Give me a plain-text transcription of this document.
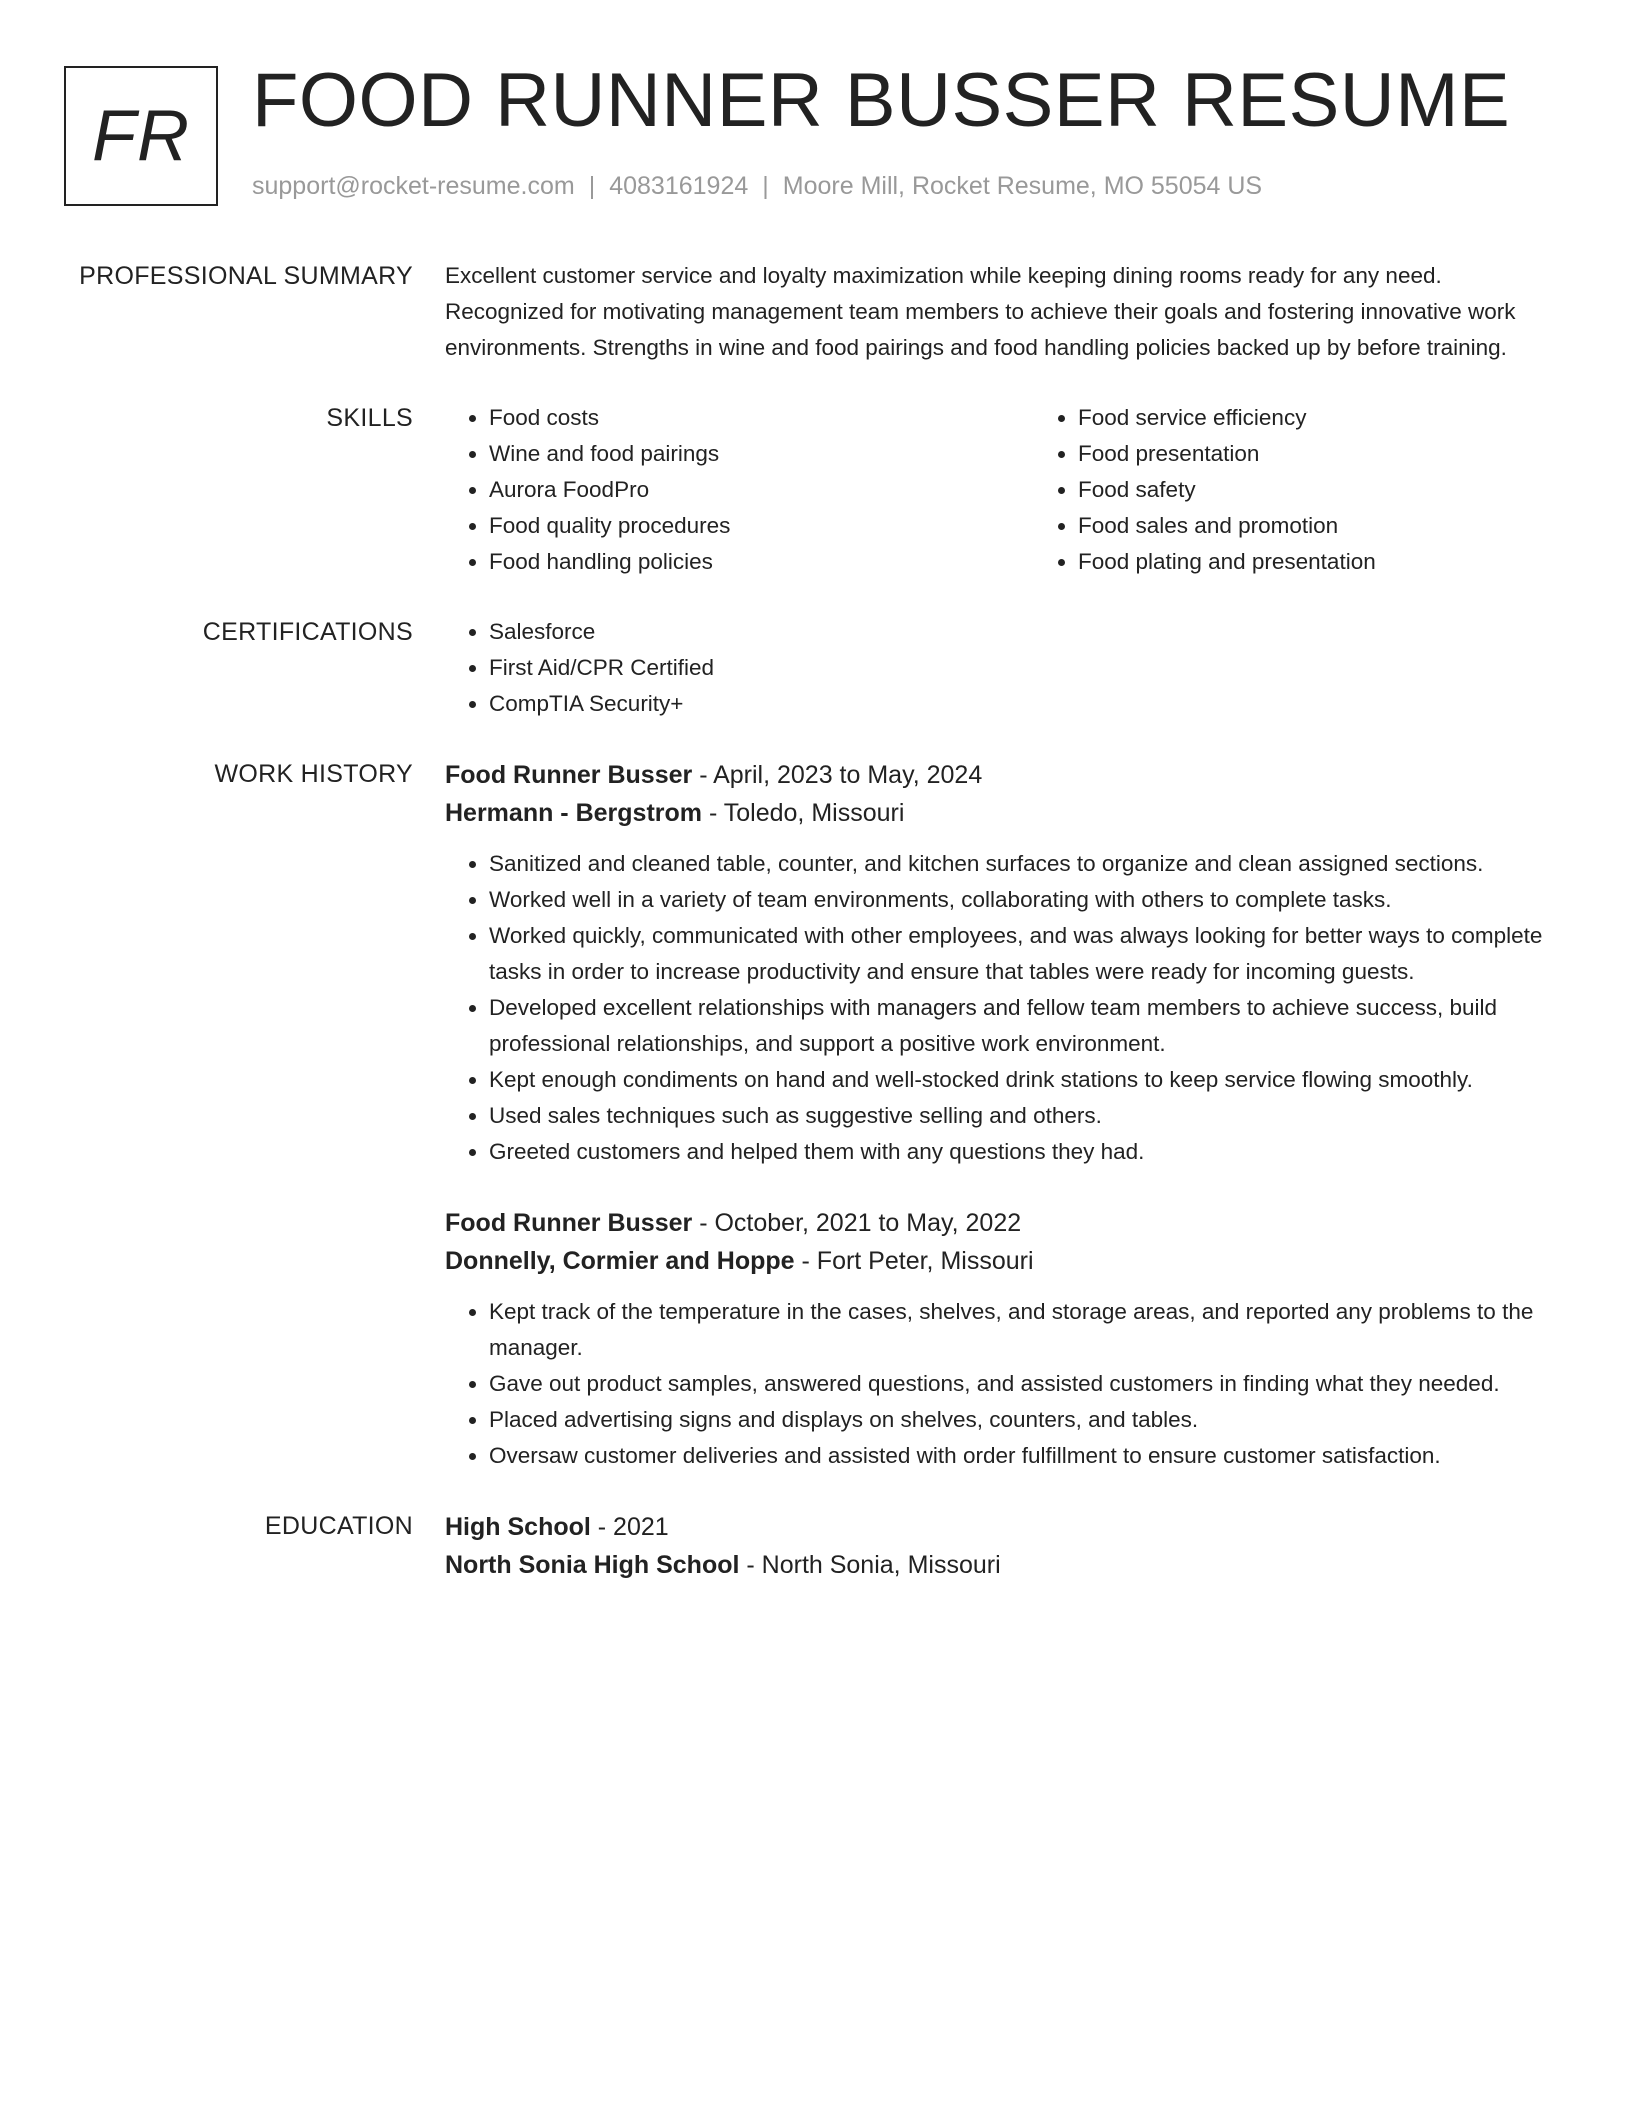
FR FOOD RUNNER BUSSER RESUME
support@rocket-resume.com | 4083161924 | Moore Mill, Rocket Resume, MO 55054 US
PROFESSIONAL SUMMARY Excellent customer service and loyalty maximization while keeping dining rooms ready for any need. Recognized for motivating management team members to achieve their goals and fostering innovative work environments. Strengths in wine and food pairings and food handling policies backed up by before training.

SKILLS	• Food costs
• Wine and food pairings
• Aurora FoodPro
• Food quality procedures
• Food handling policies
• Food service efficiency
• Food presentation
• Food safety
• Food sales and promotion
• Food plating and presentation
CERTIFICATIONS	• Salesforce
• First Aid/CPR Certified
• CompTIA Security+
WORK HISTORY Food Runner Busser - April, 2023 to May, 2024
Hermann - Bergstrom - Toledo, Missouri
• Sanitized and cleaned table, counter, and kitchen surfaces to organize and clean assigned sections.
• Worked well in a variety of team environments, collaborating with others to complete tasks.
• Worked quickly, communicated with other employees, and was always looking for better ways to complete tasks in order to increase productivity and ensure that tables were ready for incoming guests.
• Developed excellent relationships with managers and fellow team members to achieve success, build professional relationships, and support a positive work environment.
• Kept enough condiments on hand and well-stocked drink stations to keep service flowing smoothly.
• Used sales techniques such as suggestive selling and others.
• Greeted customers and helped them with any questions they had.
Food Runner Busser - October, 2021 to May, 2022
Donnelly, Cormier and Hoppe - Fort Peter, Missouri
• Kept track of the temperature in the cases, shelves, and storage areas, and reported any problems to the manager.
• Gave out product samples, answered questions, and assisted customers in finding what they needed.
• Placed advertising signs and displays on shelves, counters, and tables.
• Oversaw customer deliveries and assisted with order fulfillment to ensure customer satisfaction.
EDUCATION High School - 2021
North Sonia High School - North Sonia, Missouri
